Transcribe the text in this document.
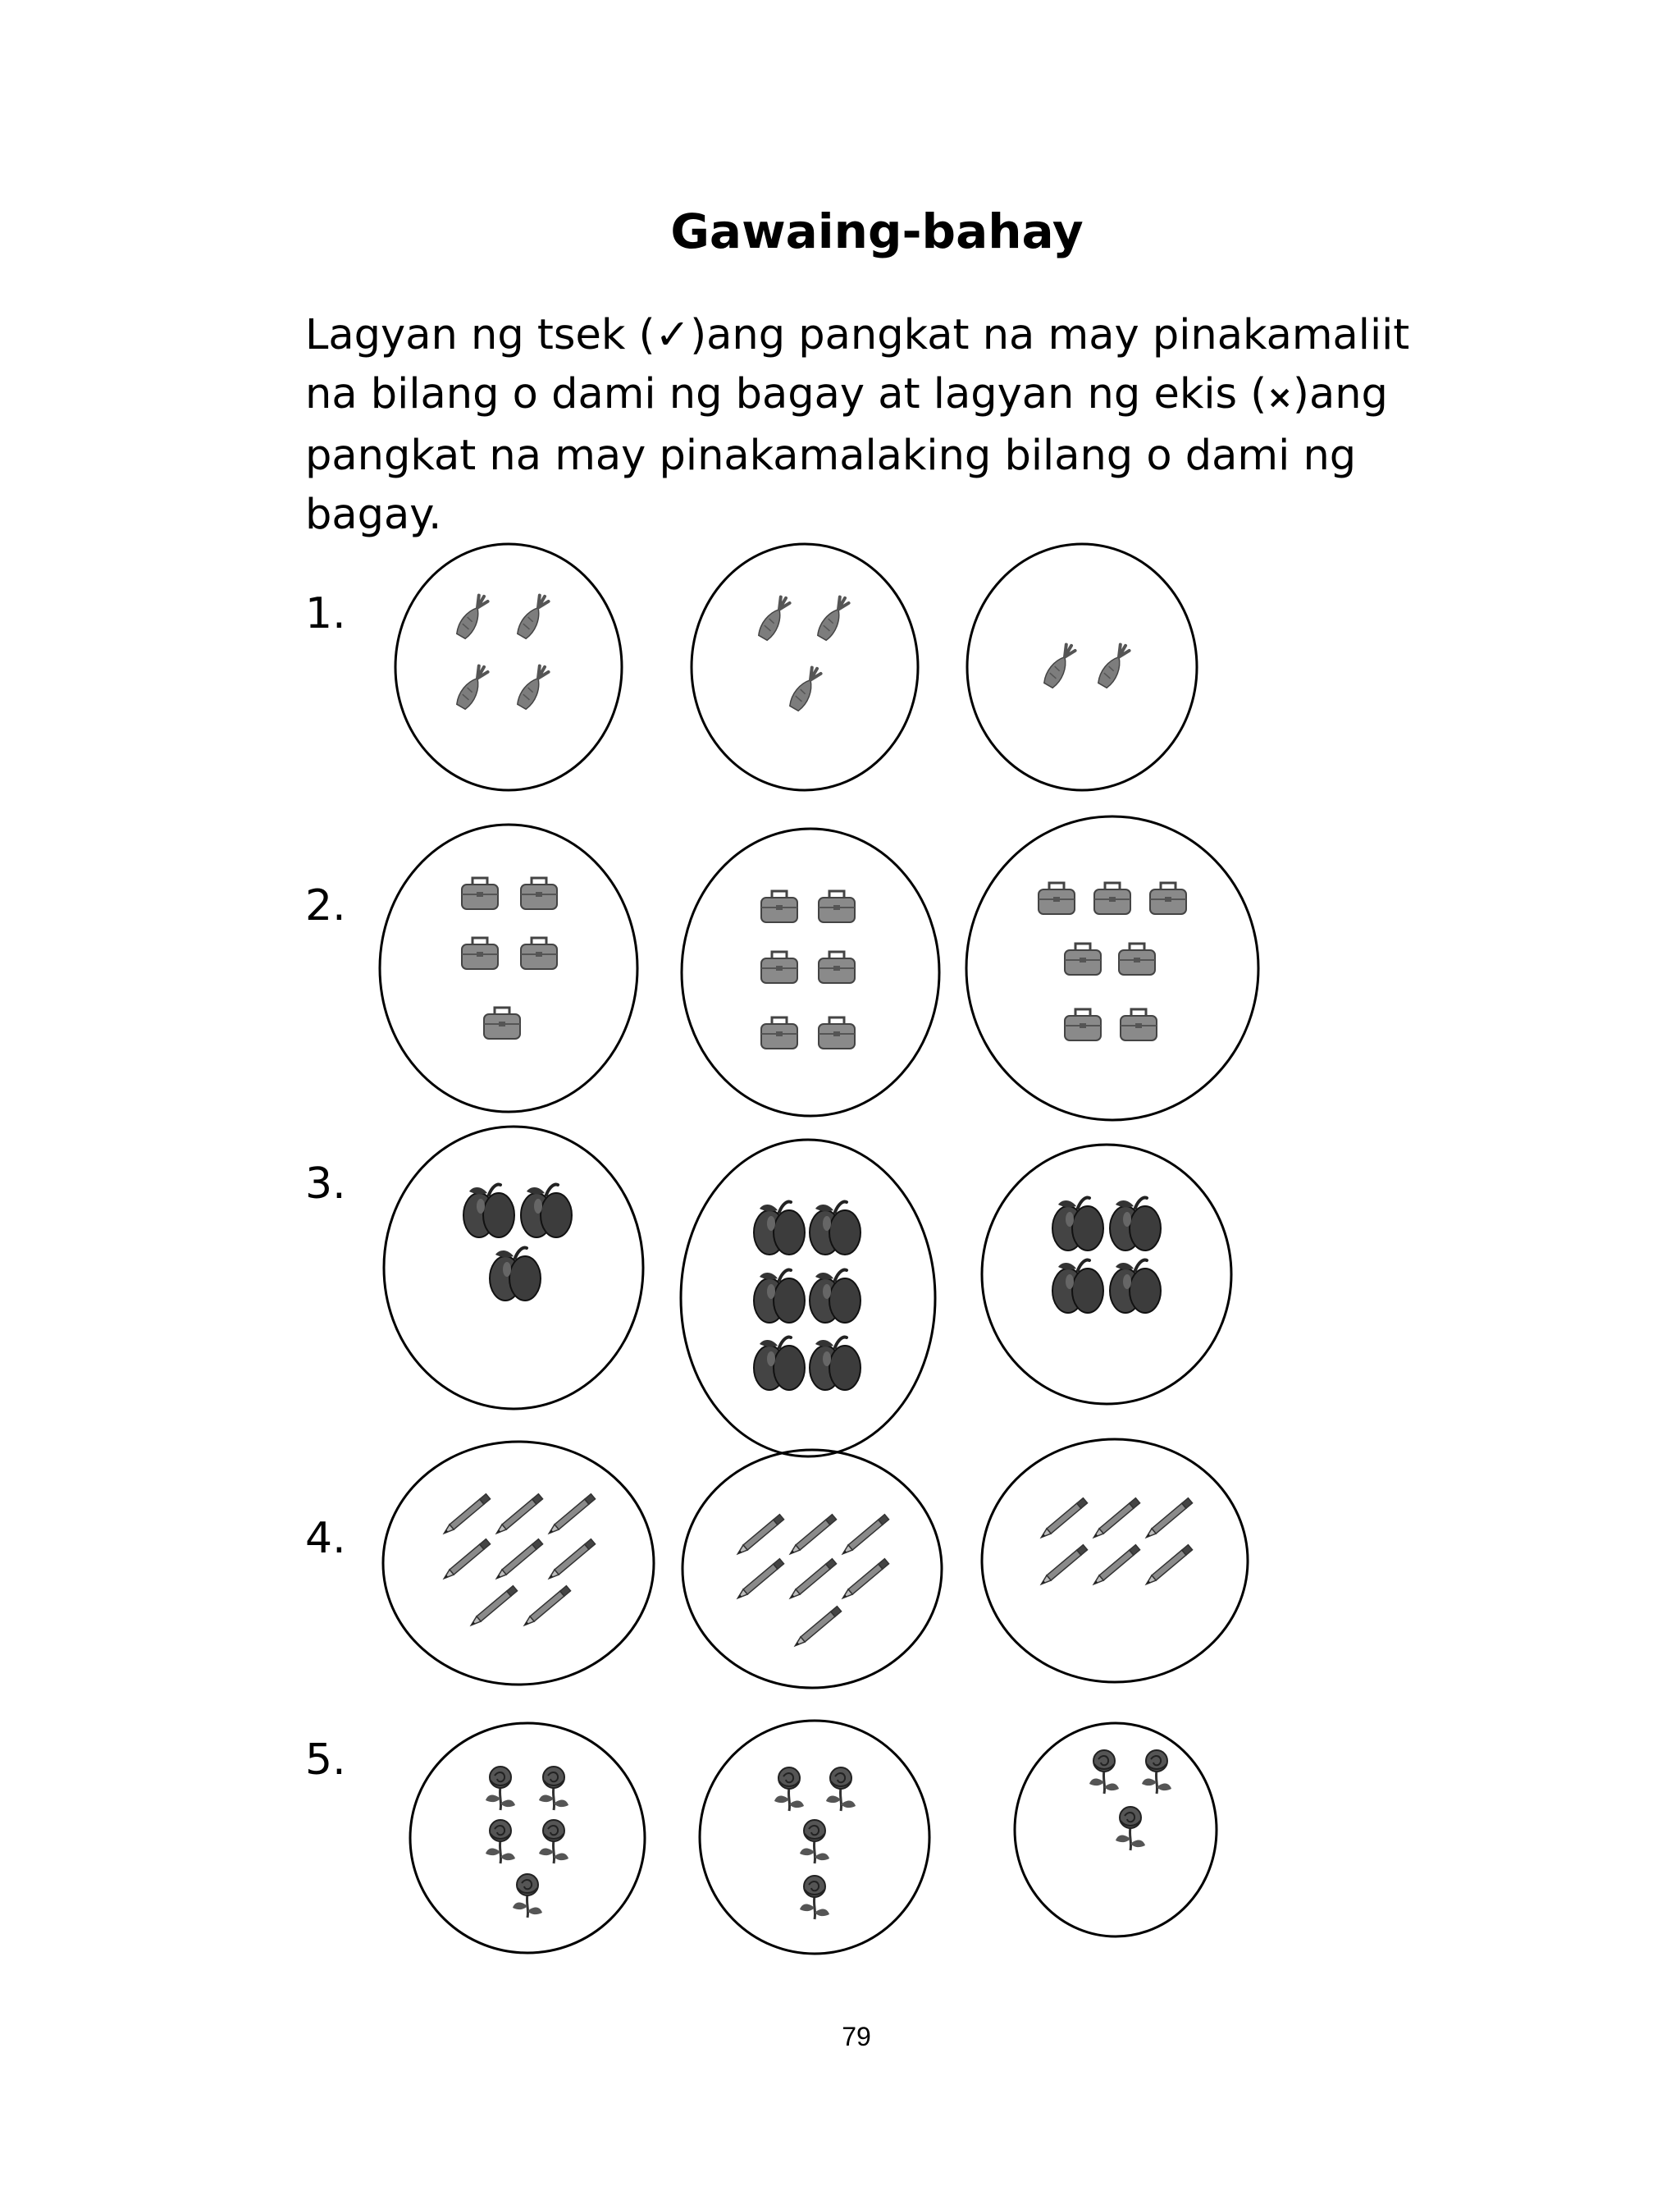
Gawaing-bahay
Lagyan ng tsek (✓)ang pangkat na may pinakamaliit
na bilang o dami ng bagay at lagyan ng ekis (×)ang
pangkat na may pinakamalaking bilang o dami ng
bagay.
1.
2.
3.
4.
5.
79
